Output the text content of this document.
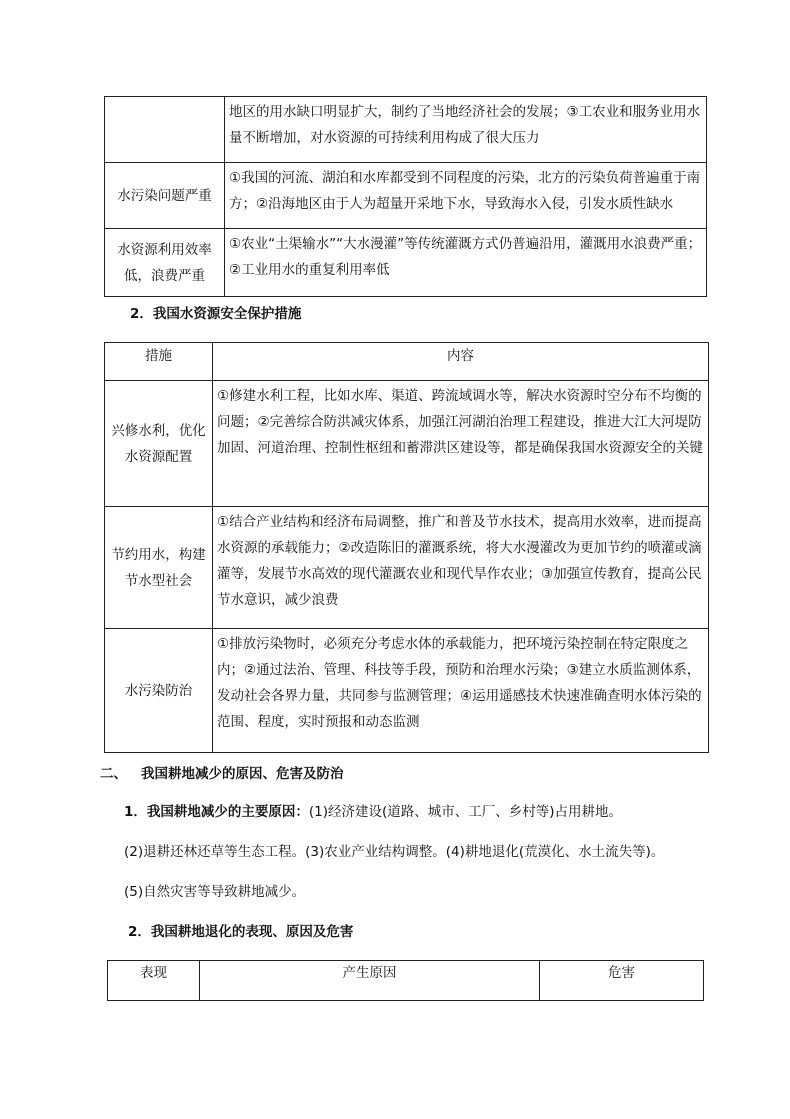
	地区的用水缺口明显扩大，制约了当地经济社会的发展；③工农业和服务业用水量不断增加，对水资源的可持续利用构成了很大压力
水污染问题严重	①我国的河流、湖泊和水库都受到不同程度的污染，北方的污染负荷普遍重于南方；②沿海地区由于人为超量开采地下水，导致海水入侵，引发水质性缺水
水资源利用效率低，浪费严重	①农业“土渠输水”“大水漫灌”等传统灌溉方式仍普遍沿用，灌溉用水浪费严重；②工业用水的重复利用率低
2．我国水资源安全保护措施
措施	内容
兴修水利，优化水资源配置	①修建水利工程，比如水库、渠道、跨流域调水等，解决水资源时空分布不均衡的问题；②完善综合防洪减灾体系，加强江河湖泊治理工程建设，推进大江大河堤防加固、河道治理、控制性枢纽和蓄滞洪区建设等，都是确保我国水资源安全的关键
节约用水，构建节水型社会	①结合产业结构和经济布局调整，推广和普及节水技术，提高用水效率，进而提高水资源的承载能力；②改造陈旧的灌溉系统，将大水漫灌改为更加节约的喷灌或滴灌等，发展节水高效的现代灌溉农业和现代旱作农业；③加强宣传教育，提高公民节水意识，减少浪费
水污染防治	①排放污染物时，必须充分考虑水体的承载能力，把环境污染控制在特定限度之内；②通过法治、管理、科技等手段，预防和治理水污染；③建立水质监测体系，发动社会各界力量，共同参与监测管理；④运用遥感技术快速准确查明水体污染的范围、程度，实时预报和动态监测
二、 我国耕地减少的原因、危害及防治
1．我国耕地减少的主要原因：(1)经济建设(道路、城市、工厂、乡村等)占用耕地。
(2)退耕还林还草等生态工程。(3)农业产业结构调整。(4)耕地退化(荒漠化、水土流失等)。
(5)自然灾害等导致耕地减少。
2．我国耕地退化的表现、原因及危害
表现	产生原因	危害
